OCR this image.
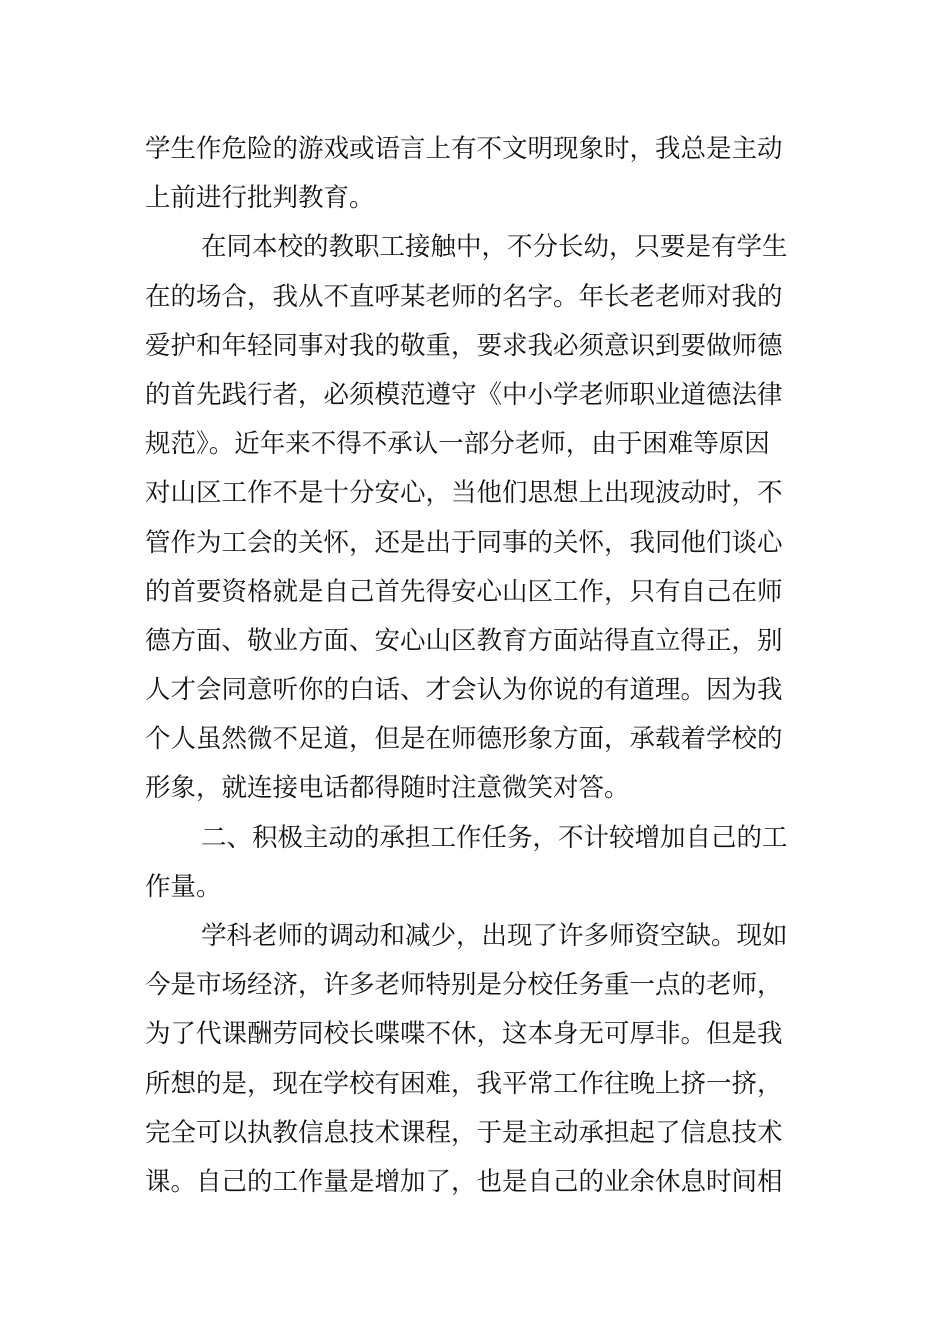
学生作危险的游戏或语言上有不文明现象时，我总是主动
上前进行批判教育。
在同本校的教职工接触中，不分长幼，只要是有学生
在的场合，我从不直呼某老师的名字。年长老老师对我的
爱护和年轻同事对我的敬重，要求我必须意识到要做师德
的首先践行者，必须模范遵守《中小学老师职业道德法律
规范》。近年来不得不承认一部分老师，由于困难等原因
对山区工作不是十分安心，当他们思想上出现波动时，不
管作为工会的关怀，还是出于同事的关怀，我同他们谈心
的首要资格就是自己首先得安心山区工作，只有自己在师
德方面、敬业方面、安心山区教育方面站得直立得正，别
人才会同意听你的白话、才会认为你说的有道理。因为我
个人虽然微不足道，但是在师德形象方面，承载着学校的
形象，就连接电话都得随时注意微笑对答。
二、积极主动的承担工作任务，不计较增加自己的工
作量。
学科老师的调动和减少，出现了许多师资空缺。现如
今是市场经济，许多老师特别是分校任务重一点的老师，
为了代课酬劳同校长喋喋不休，这本身无可厚非。但是我
所想的是，现在学校有困难，我平常工作往晚上挤一挤，
完全可以执教信息技术课程，于是主动承担起了信息技术
课。自己的工作量是增加了，也是自己的业余休息时间相
